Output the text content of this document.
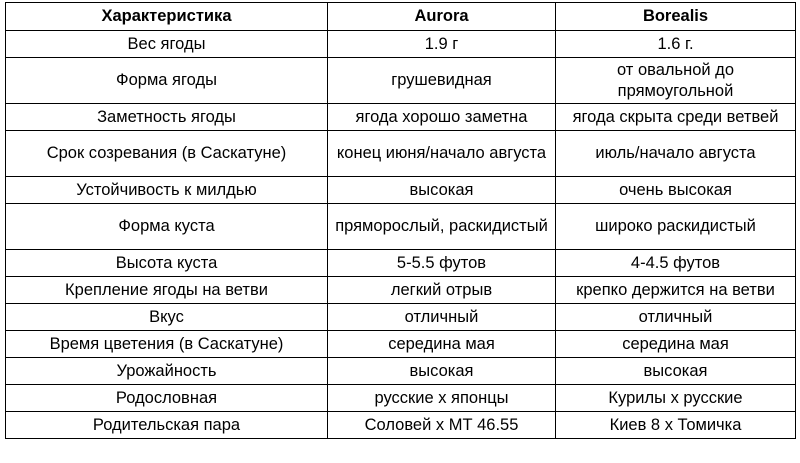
Характеристика	Aurora	Borealis
Вес ягоды	1.9 г	1.6 г.
Форма ягоды	грушевидная	от овальной до прямоугольной
Заметность ягоды	ягода хорошо заметна	ягода скрыта среди ветвей
Срок созревания (в Саскатуне)	конец июня/начало августа	июль/начало августа
Устойчивость к милдью	высокая	очень высокая
Форма куста	пряморослый, раскидистый	широко раскидистый
Высота куста	5-5.5 футов	4-4.5 футов
Крепление ягоды на ветви	легкий отрыв	крепко держится на ветви
Вкус	отличный	отличный
Время цветения (в Саскатуне)	середина мая	середина мая
Урожайность	высокая	высокая
Родословная	русские х японцы	Курилы х русские
Родительская пара	Соловей х МТ 46.55	Киев 8 х Томичка
